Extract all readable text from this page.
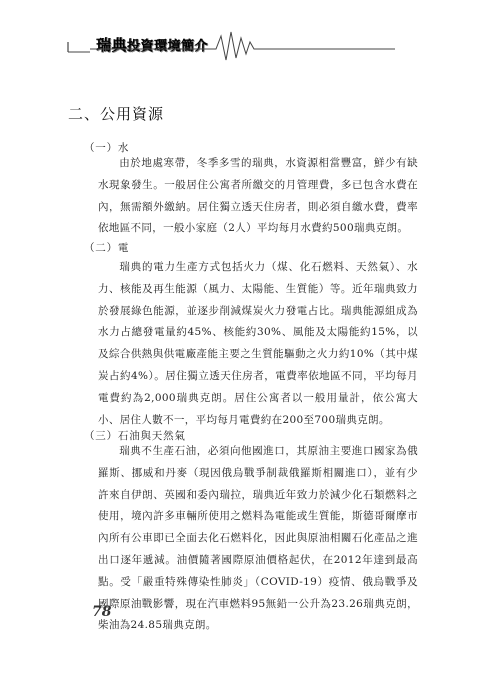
瑞典投資環境簡介
二、公用資源
（一）水

由於地處寒帶，冬季多雪的瑞典，水資源相當豐富，鮮少有缺水現象發生。一般居住公寓者所繳交的月管理費，多已包含水費在內，無需額外繳納。居住獨立透天住房者，則必須自繳水費，費率依地區不同，一般小家庭（2人）平均每月水費約500瑞典克朗。

（二）電

瑞典的電力生產方式包括火力（煤、化石燃料、天然氣）、水力、核能及再生能源（風力、太陽能、生質能）等。近年瑞典致力於發展綠色能源，並逐步削減煤炭火力發電占比。瑞典能源組成為水力占總發電量約45%、核能約30%、風能及太陽能約15%，以及綜合供熱與供電廠產能主要之生質能驅動之火力約10%（其中煤炭占約4%）。居住獨立透天住房者，電費率依地區不同，平均每月電費約為2,000瑞典克朗。居住公寓者以一般用量計，依公寓大小、居住人數不一，平均每月電費約在200至700瑞典克朗。

（三）石油與天然氣

瑞典不生產石油，必須向他國進口，其原油主要進口國家為俄羅斯、挪威和丹麥（現因俄烏戰爭制裁俄羅斯相關進口），並有少許來自伊朗、英國和委內瑞拉，瑞典近年致力於減少化石類燃料之使用，境內許多車輛所使用之燃料為電能或生質能，斯德哥爾摩市內所有公車即已全面去化石燃料化，因此與原油相關石化產品之進出口逐年遞減。油價隨著國際原油價格起伏，在2012年達到最高點。受「嚴重特殊傳染性肺炎」（COVID-19）疫情、俄烏戰爭及國際原油戰影響，現在汽車燃料95無鉛一公升為23.26瑞典克朗，柴油為24.85瑞典克朗。

78
